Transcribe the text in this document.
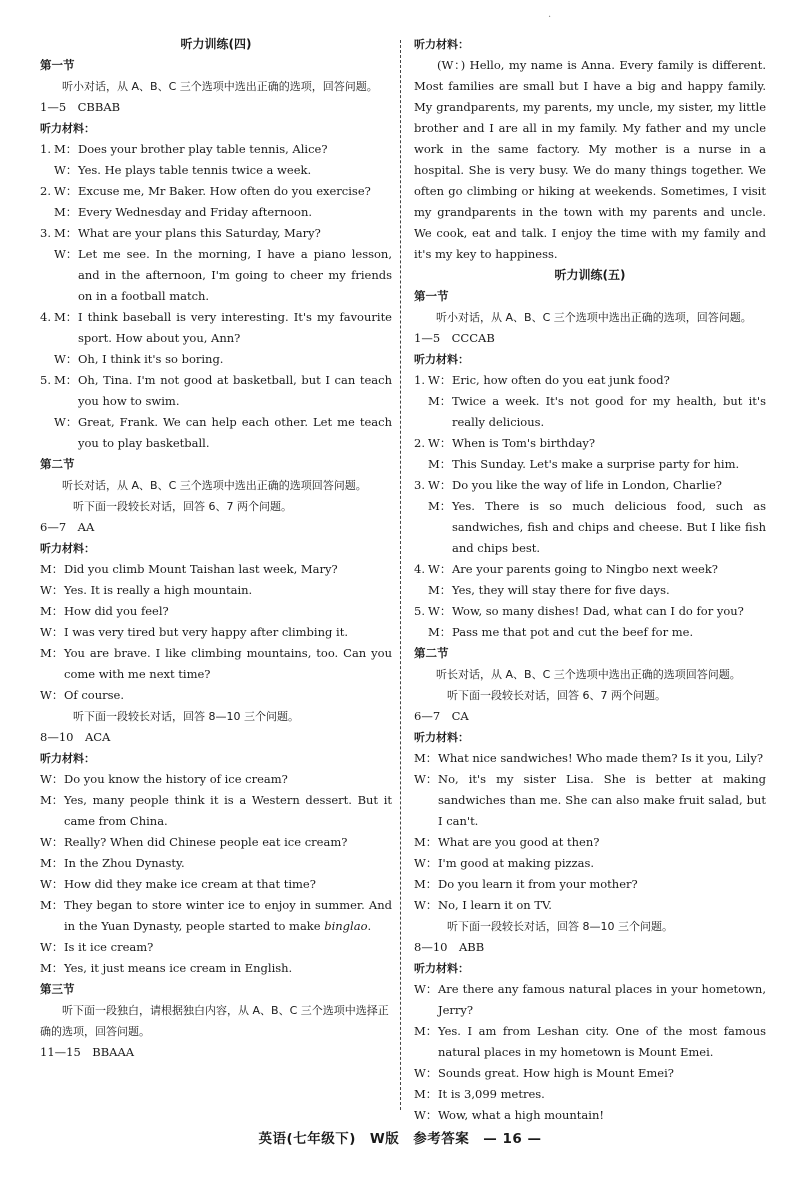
·
听力训练(四)
第一节
听小对话，从 A、B、C 三个选项中选出正确的选项，回答问题。
1—5　CBBAB
听力材料：
1. M： Does your brother play table tennis, Alice?
W： Yes. He plays table tennis twice a week.
2. W： Excuse me, Mr Baker. How often do you exercise?
M： Every Wednesday and Friday afternoon.
3. M： What are your plans this Saturday, Mary?
W： Let me see. In the morning, I have a piano lesson, and in the afternoon, I'm going to cheer my friends on in a football match.
4. M： I think baseball is very interesting. It's my favourite sport. How about you, Ann?
W： Oh, I think it's so boring.
5. M： Oh, Tina. I'm not good at basketball, but I can teach you how to swim.
W： Great, Frank. We can help each other. Let me teach you to play basketball.
第二节
听长对话，从 A、B、C 三个选项中选出正确的选项回答问题。
听下面一段较长对话，回答 6、7 两个问题。
6—7　AA
听力材料：
M： Did you climb Mount Taishan last week, Mary?
W： Yes. It is really a high mountain.
M： How did you feel?
W： I was very tired but very happy after climbing it.
M： You are brave. I like climbing mountains, too. Can you come with me next time?
W： Of course.
听下面一段较长对话，回答 8—10 三个问题。
8—10　ACA
听力材料：
W： Do you know the history of ice cream?
M： Yes, many people think it is a Western dessert. But it came from China.
W： Really? When did Chinese people eat ice cream?
M： In the Zhou Dynasty.
W： How did they make ice cream at that time?
M： They began to store winter ice to enjoy in summer. And in the Yuan Dynasty, people started to make binglao.
W： Is it ice cream?
M： Yes, it just means ice cream in English.
第三节
听下面一段独白，请根据独白内容，从 A、B、C 三个选项中选择正确的选项，回答问题。
11—15　BBAAA
听力材料：
(W：) Hello, my name is Anna. Every family is different. Most families are small but I have a big and happy family. My grandparents, my parents, my uncle, my sister, my little brother and I are all in my family. My father and my uncle work in the same factory. My mother is a nurse in a hospital. She is very busy. We do many things together. We often go climbing or hiking at weekends. Sometimes, I visit my grandparents in the town with my parents and uncle. We cook, eat and talk. I enjoy the time with my family and it's my key to happiness.
听力训练(五)
第一节
听小对话，从 A、B、C 三个选项中选出正确的选项，回答问题。
1—5　CCCAB
听力材料：
1. W： Eric, how often do you eat junk food?
M： Twice a week. It's not good for my health, but it's really delicious.
2. W： When is Tom's birthday?
M： This Sunday. Let's make a surprise party for him.
3. W： Do you like the way of life in London, Charlie?
M： Yes. There is so much delicious food, such as sandwiches, fish and chips and cheese. But I like fish and chips best.
4. W： Are your parents going to Ningbo next week?
M： Yes, they will stay there for five days.
5. W： Wow, so many dishes! Dad, what can I do for you?
M： Pass me that pot and cut the beef for me.
第二节
听长对话，从 A、B、C 三个选项中选出正确的选项回答问题。
听下面一段较长对话，回答 6、7 两个问题。
6—7　CA
听力材料：
M： What nice sandwiches! Who made them? Is it you, Lily?
W： No, it's my sister Lisa. She is better at making sandwiches than me. She can also make fruit salad, but I can't.
M： What are you good at then?
W： I'm good at making pizzas.
M： Do you learn it from your mother?
W： No, I learn it on TV.
听下面一段较长对话，回答 8—10 三个问题。
8—10　ABB
听力材料：
W： Are there any famous natural places in your hometown, Jerry?
M： Yes. I am from Leshan city. One of the most famous natural places in my hometown is Mount Emei.
W： Sounds great. How high is Mount Emei?
M： It is 3,099 metres.
W： Wow, what a high mountain!
英语(七年级下)　W版　参考答案　— 16 —
